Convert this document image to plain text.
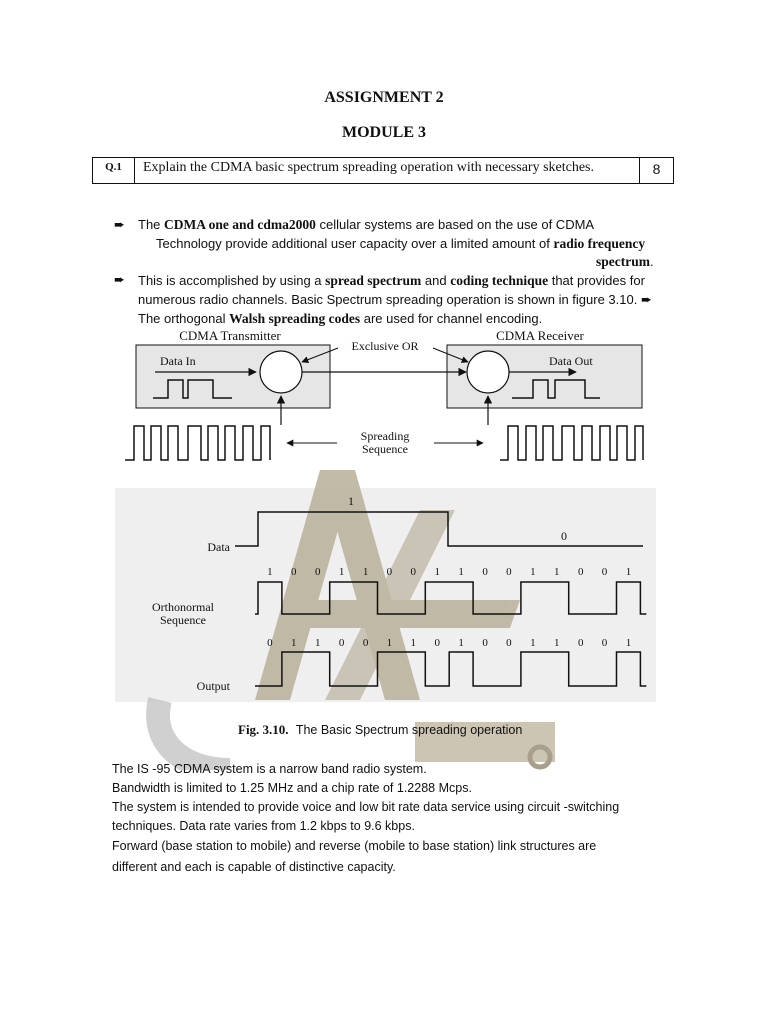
ASSIGNMENT 2
MODULE 3
Q.1	Explain the CDMA basic spectrum spreading operation with necessary sketches.	8
➨ The CDMA one and cdma2000 cellular systems are based on the use of CDMA
Technology provide additional user capacity over a limited amount of radio frequency
spectrum.
➨ This is accomplished by using a spread spectrum and coding technique that provides for
numerous radio channels. Basic Spectrum spreading operation is shown in figure 3.10. ➨
The orthogonal Walsh spreading codes are used for channel encoding.
CDMA Transmitter	CDMA Receiver
Data In	Data Out
Exclusive OR
Spreading
Sequence
Data
Orthonormal
Sequence
Output
1
0
1 0 0 1 1 0 0 1 1 0 0 1 1 0 0 1
0 1 1 0 0 1 1 0 1 0 0 1 1 0 0 1
Fig. 3.10. The Basic Spectrum spreading operation
The IS -95 CDMA system is a narrow band radio system.
Bandwidth is limited to 1.25 MHz and a chip rate of 1.2288 Mcps.
The system is intended to provide voice and low bit rate data service using circuit -switching
techniques. Data rate varies from 1.2 kbps to 9.6 kbps.
Forward (base station to mobile) and reverse (mobile to base station) link structures are
different and each is capable of distinctive capacity.
